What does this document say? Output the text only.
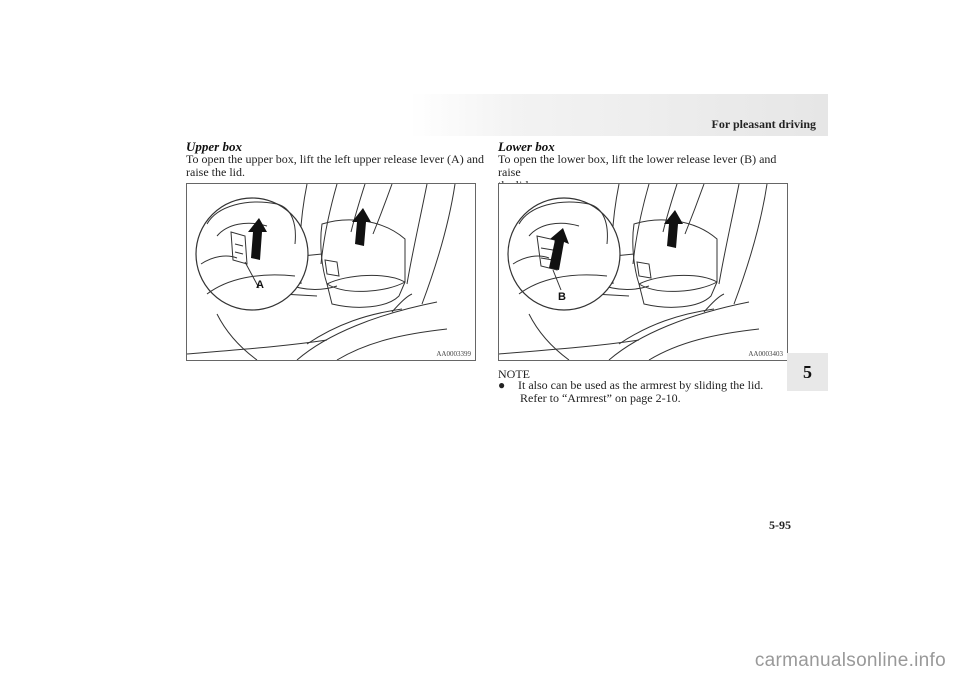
For pleasant driving
Upper box
To open the upper box, lift the left upper release lever (A) and
raise the lid.
A
AA0003399
Lower box
To open the lower box, lift the lower release lever (B) and raise
B
AA0003403
NOTE
● It also can be used as the armrest by sliding the lid.
Refer to “Armrest” on page 2-10.
5
5-95
carmanualsonline.info
